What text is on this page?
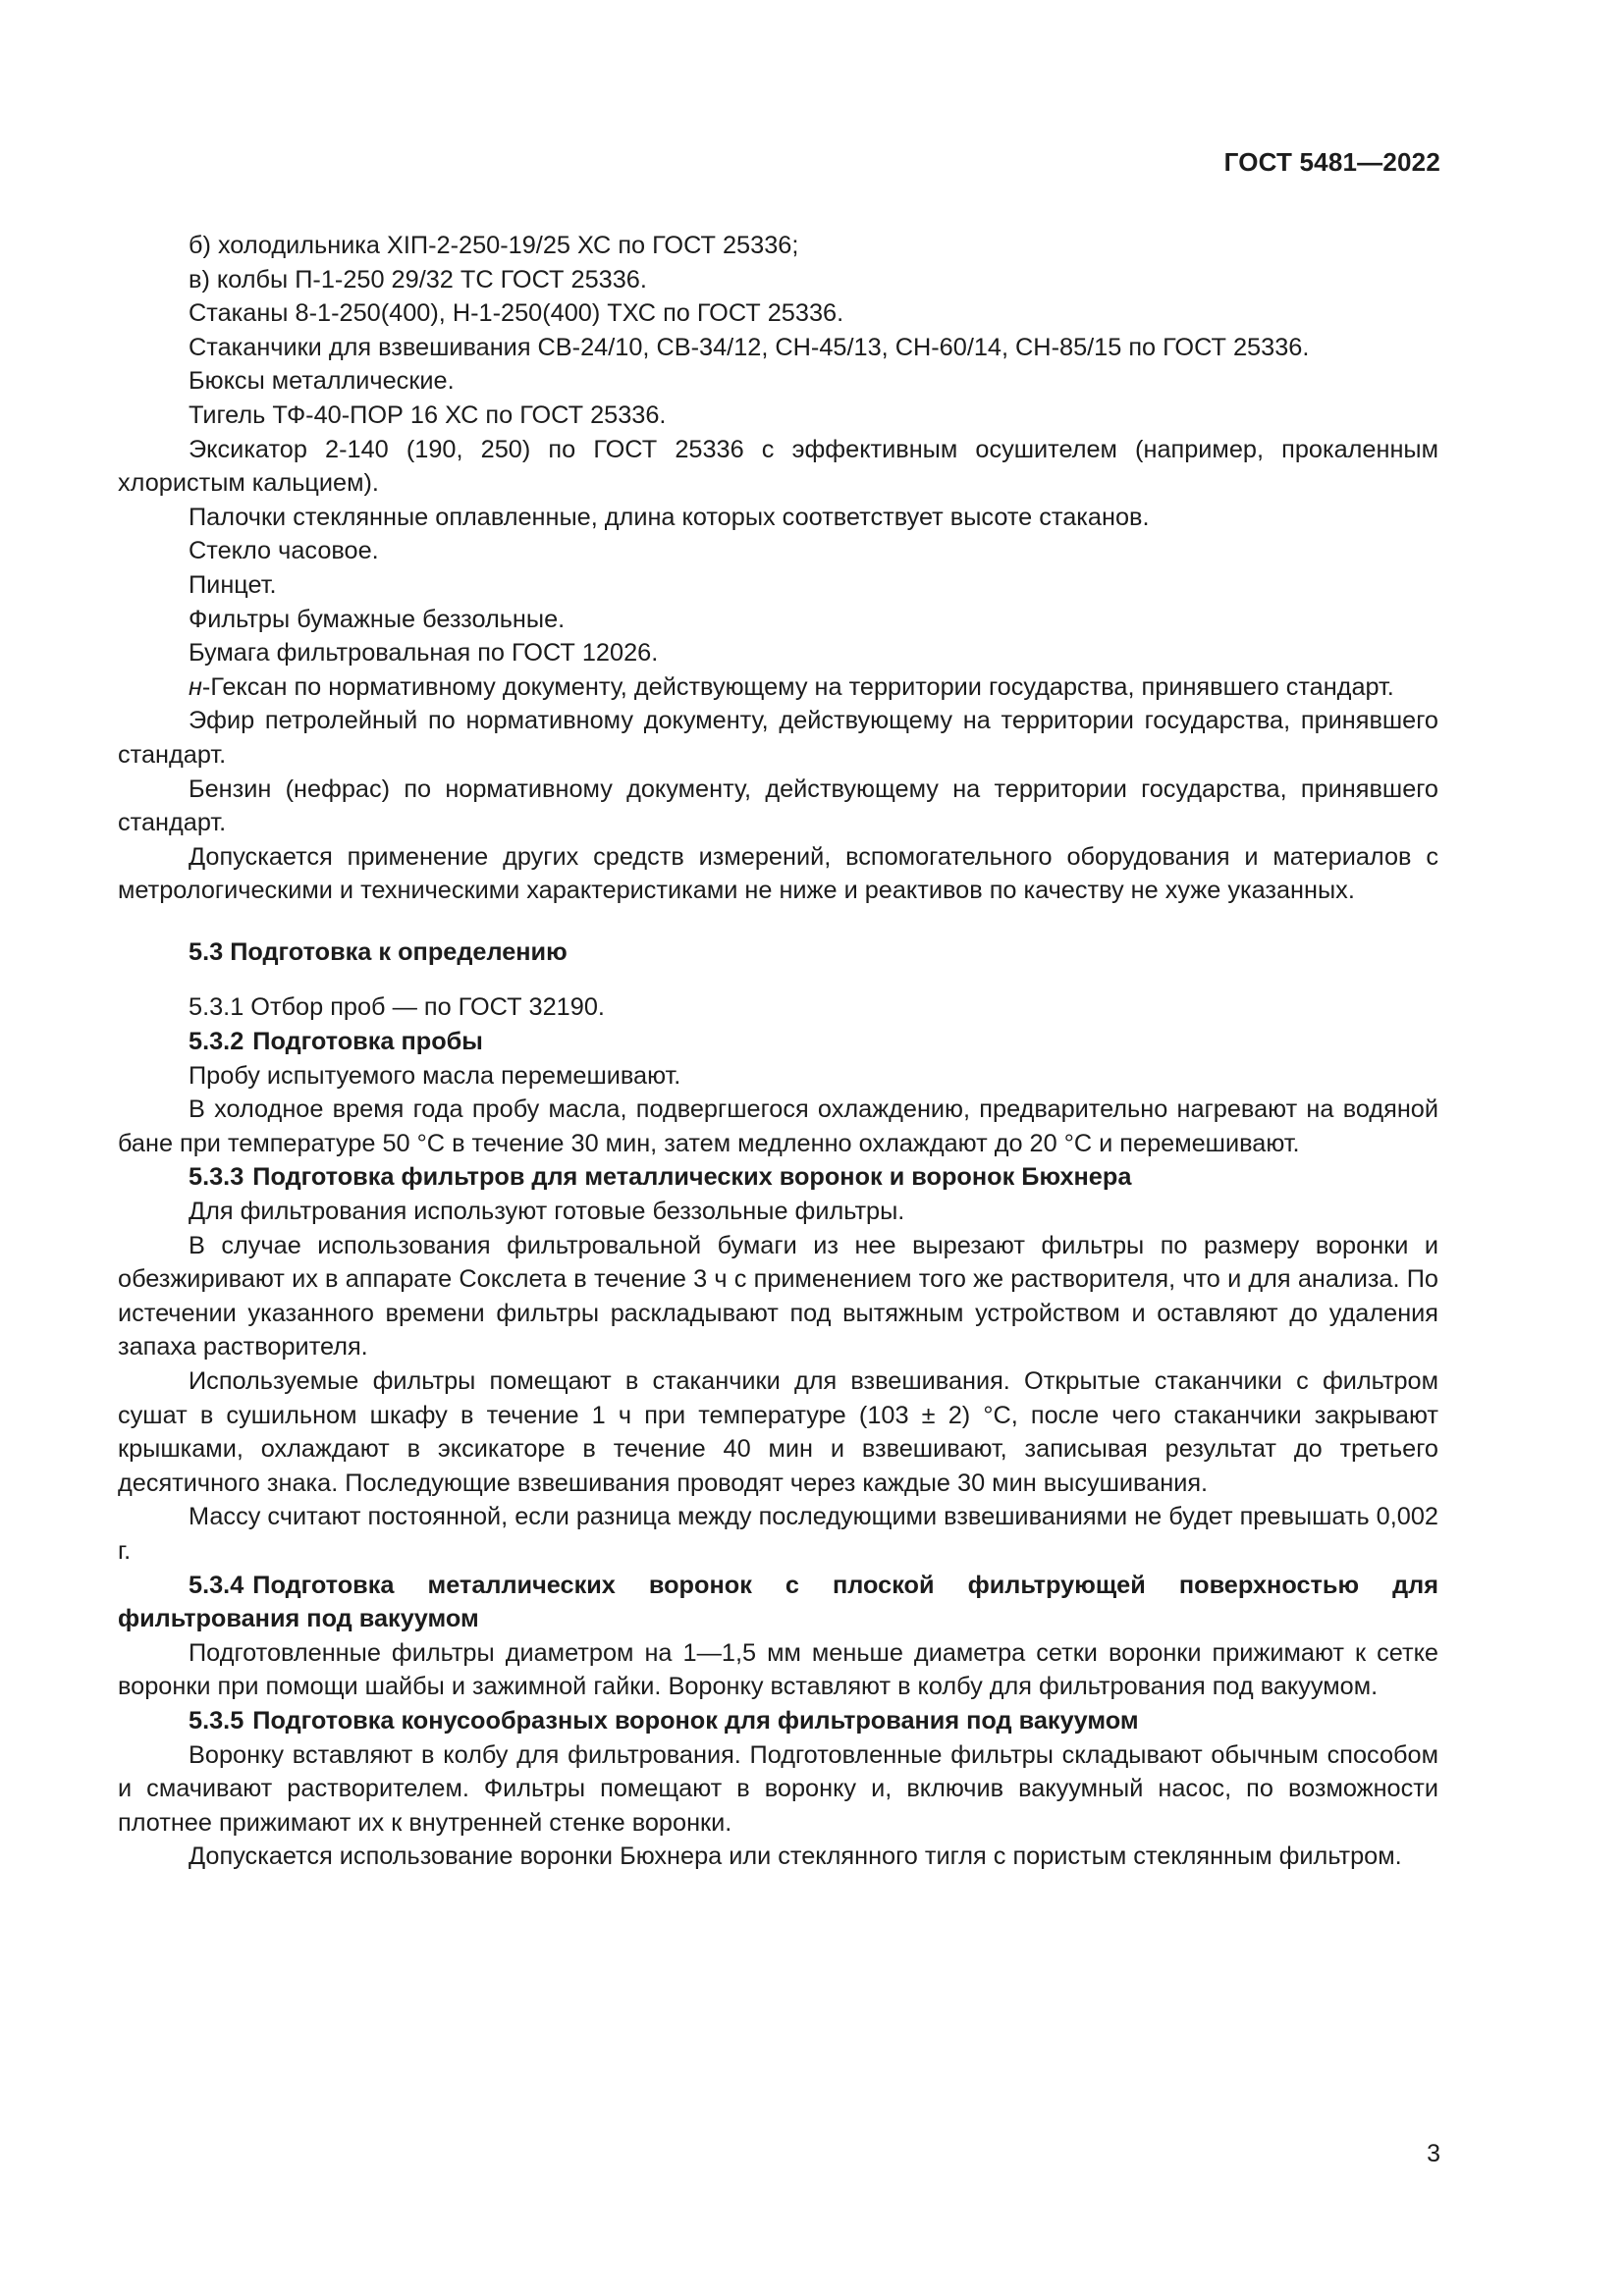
ГОСТ 5481—2022

б) холодильника ХIП-2-250-19/25 ХС по ГОСТ 25336;

в) колбы П-1-250 29/32 ТС ГОСТ 25336.

Стаканы 8-1-250(400), Н-1-250(400) ТХС по ГОСТ 25336.

Стаканчики для взвешивания СВ-24/10, СВ-34/12, СН-45/13, СН-60/14, СН-85/15 по ГОСТ 25336.

Бюксы металлические.

Тигель ТФ-40-ПОР 16 ХС по ГОСТ 25336.

Эксикатор 2-140 (190, 250) по ГОСТ 25336 с эффективным осушителем (например, прокаленным хлористым кальцием).

Палочки стеклянные оплавленные, длина которых соответствует высоте стаканов.

Стекло часовое.

Пинцет.

Фильтры бумажные беззольные.

Бумага фильтровальная по ГОСТ 12026.

н-Гексан по нормативному документу, действующему на территории государства, принявшего стандарт.

Эфир петролейный по нормативному документу, действующему на территории государства, принявшего стандарт.

Бензин (нефрас) по нормативному документу, действующему на территории государства, принявшего стандарт.

Допускается применение других средств измерений, вспомогательного оборудования и материалов с метрологическими и техническими характеристиками не ниже и реактивов по качеству не хуже указанных.

5.3 Подготовка к определению

5.3.1 Отбор проб — по ГОСТ 32190.

5.3.2 Подготовка пробы

Пробу испытуемого масла перемешивают.

В холодное время года пробу масла, подвергшегося охлаждению, предварительно нагревают на водяной бане при температуре 50 °С в течение 30 мин, затем медленно охлаждают до 20 °С и перемешивают.

5.3.3 Подготовка фильтров для металлических воронок и воронок Бюхнера

Для фильтрования используют готовые беззольные фильтры.

В случае использования фильтровальной бумаги из нее вырезают фильтры по размеру воронки и обезжиривают их в аппарате Сокслета в течение 3 ч с применением того же растворителя, что и для анализа. По истечении указанного времени фильтры раскладывают под вытяжным устройством и оставляют до удаления запаха растворителя.

Используемые фильтры помещают в стаканчики для взвешивания. Открытые стаканчики с фильтром сушат в сушильном шкафу в течение 1 ч при температуре (103 ± 2) °С, после чего стаканчики закрывают крышками, охлаждают в эксикаторе в течение 40 мин и взвешивают, записывая результат до третьего десятичного знака. Последующие взвешивания проводят через каждые 30 мин высушивания.

Массу считают постоянной, если разница между последующими взвешиваниями не будет превышать 0,002 г.

5.3.4 Подготовка металлических воронок с плоской фильтрующей поверхностью для фильтрования под вакуумом

Подготовленные фильтры диаметром на 1—1,5 мм меньше диаметра сетки воронки прижимают к сетке воронки при помощи шайбы и зажимной гайки. Воронку вставляют в колбу для фильтрования под вакуумом.

5.3.5 Подготовка конусообразных воронок для фильтрования под вакуумом

Воронку вставляют в колбу для фильтрования. Подготовленные фильтры складывают обычным способом и смачивают растворителем. Фильтры помещают в воронку и, включив вакуумный насос, по возможности плотнее прижимают их к внутренней стенке воронки.

Допускается использование воронки Бюхнера или стеклянного тигля с пористым стеклянным фильтром.

3
